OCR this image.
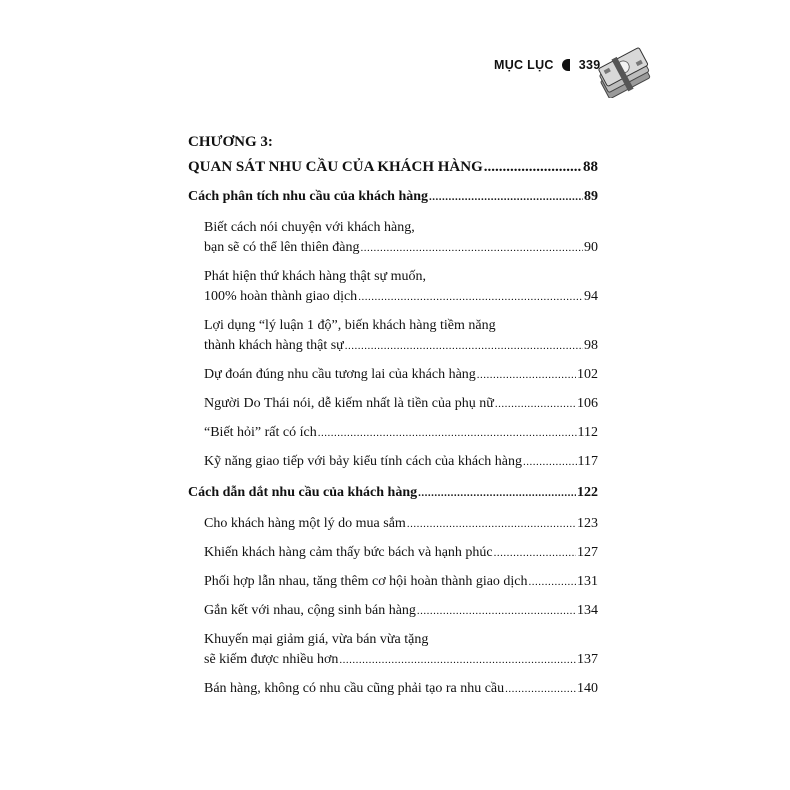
MỤC LỤC 339
CHƯƠNG 3:
QUAN SÁT NHU CẦU CỦA KHÁCH HÀNG .....	88
Cách phân tích nhu cầu của khách hàng .....	89
Biết cách nói chuyện với khách hàng,
bạn sẽ có thể lên thiên đàng .....	90
Phát hiện thứ khách hàng thật sự muốn,
100% hoàn thành giao dịch .....	94
Lợi dụng “lý luận 1 độ”, biến khách hàng tiềm năng
thành khách hàng thật sự .....	98
Dự đoán đúng nhu cầu tương lai của khách hàng .....	102
Người Do Thái nói, dễ kiếm nhất là tiền của phụ nữ .....	106
“Biết hỏi” rất có ích .....	112
Kỹ năng giao tiếp với bảy kiểu tính cách của khách hàng .....	117
Cách dẫn dắt nhu cầu của khách hàng .....	122
Cho khách hàng một lý do mua sắm .....	123
Khiến khách hàng cảm thấy bức bách và hạnh phúc .....	127
Phối hợp lẫn nhau, tăng thêm cơ hội hoàn thành giao dịch .....	131
Gắn kết với nhau, cộng sinh bán hàng .....	134
Khuyến mại giảm giá, vừa bán vừa tặng
sẽ kiếm được nhiều hơn .....	137
Bán hàng, không có nhu cầu cũng phải tạo ra nhu cầu .....	140
